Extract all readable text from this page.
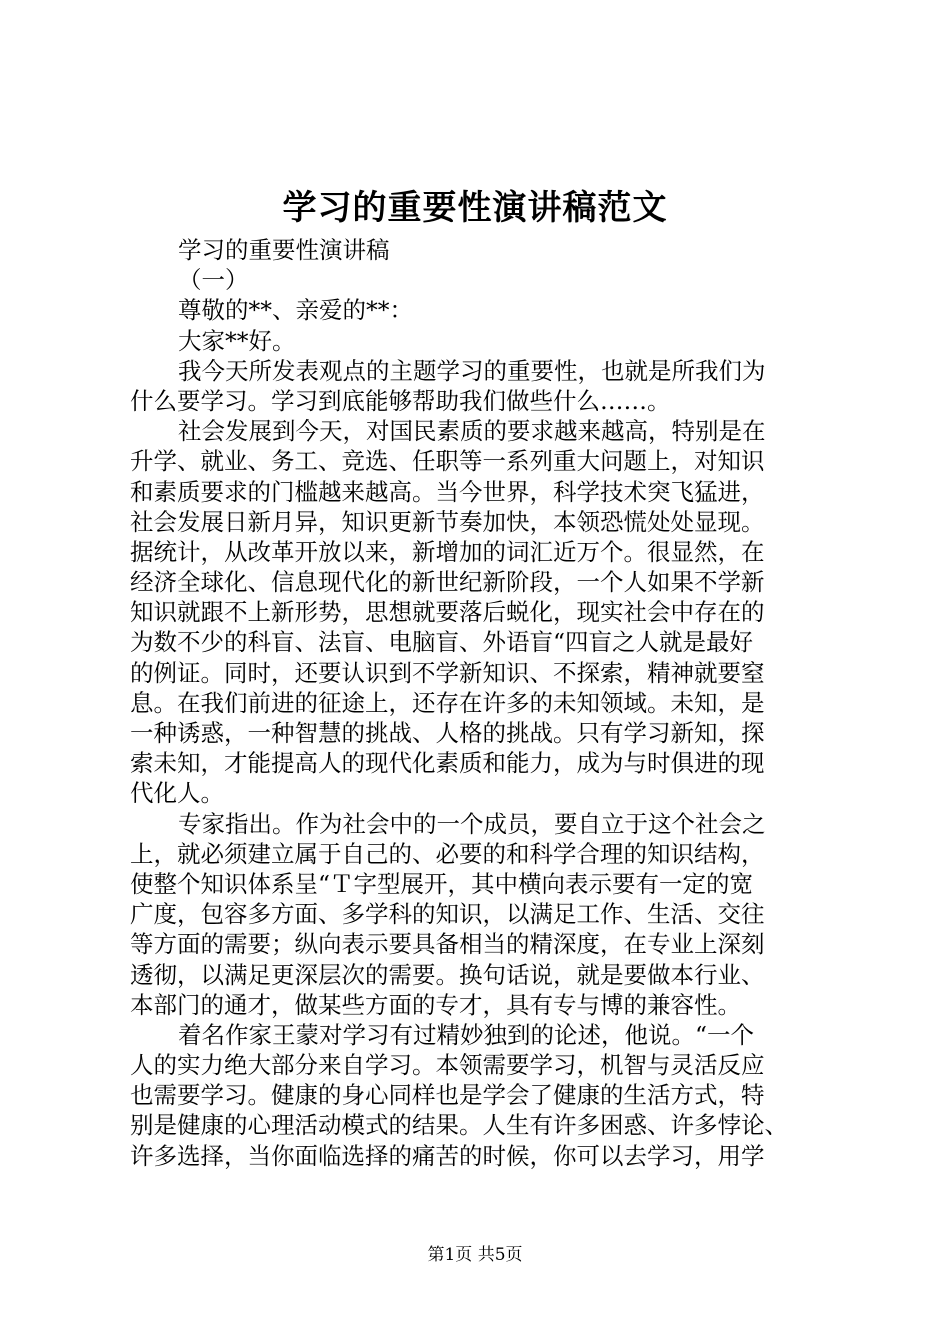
学习的重要性演讲稿范文
学习的重要性演讲稿
（一）
尊敬的**、亲爱的**：
大家**好。
我今天所发表观点的主题学习的重要性，也就是所我们为
什么要学习。学习到底能够帮助我们做些什么……。
社会发展到今天，对国民素质的要求越来越高，特别是在
升学、就业、务工、竞选、任职等一系列重大问题上，对知识
和素质要求的门槛越来越高。当今世界，科学技术突飞猛进，
社会发展日新月异，知识更新节奏加快，本领恐慌处处显现。
据统计，从改革开放以来，新增加的词汇近万个。很显然，在
经济全球化、信息现代化的新世纪新阶段，一个人如果不学新
知识就跟不上新形势，思想就要落后蜕化，现实社会中存在的
为数不少的科盲、法盲、电脑盲、外语盲“四盲之人就是最好
的例证。同时，还要认识到不学新知识、不探索，精神就要窒
息。在我们前进的征途上，还存在许多的未知领域。未知，是
一种诱惑，一种智慧的挑战、人格的挑战。只有学习新知，探
索未知，才能提高人的现代化素质和能力，成为与时俱进的现
代化人。
专家指出。作为社会中的一个成员，要自立于这个社会之
上，就必须建立属于自己的、必要的和科学合理的知识结构，
使整个知识体系呈“Ｔ字型展开，其中横向表示要有一定的宽
广度，包容多方面、多学科的知识，以满足工作、生活、交往
等方面的需要；纵向表示要具备相当的精深度，在专业上深刻
透彻，以满足更深层次的需要。换句话说，就是要做本行业、
本部门的通才，做某些方面的专才，具有专与博的兼容性。
着名作家王蒙对学习有过精妙独到的论述，他说。“一个
人的实力绝大部分来自学习。本领需要学习，机智与灵活反应
也需要学习。健康的身心同样也是学会了健康的生活方式，特
别是健康的心理活动模式的结果。人生有许多困惑、许多悖论、
许多选择，当你面临选择的痛苦的时候，你可以去学习，用学
第1页 共5页
